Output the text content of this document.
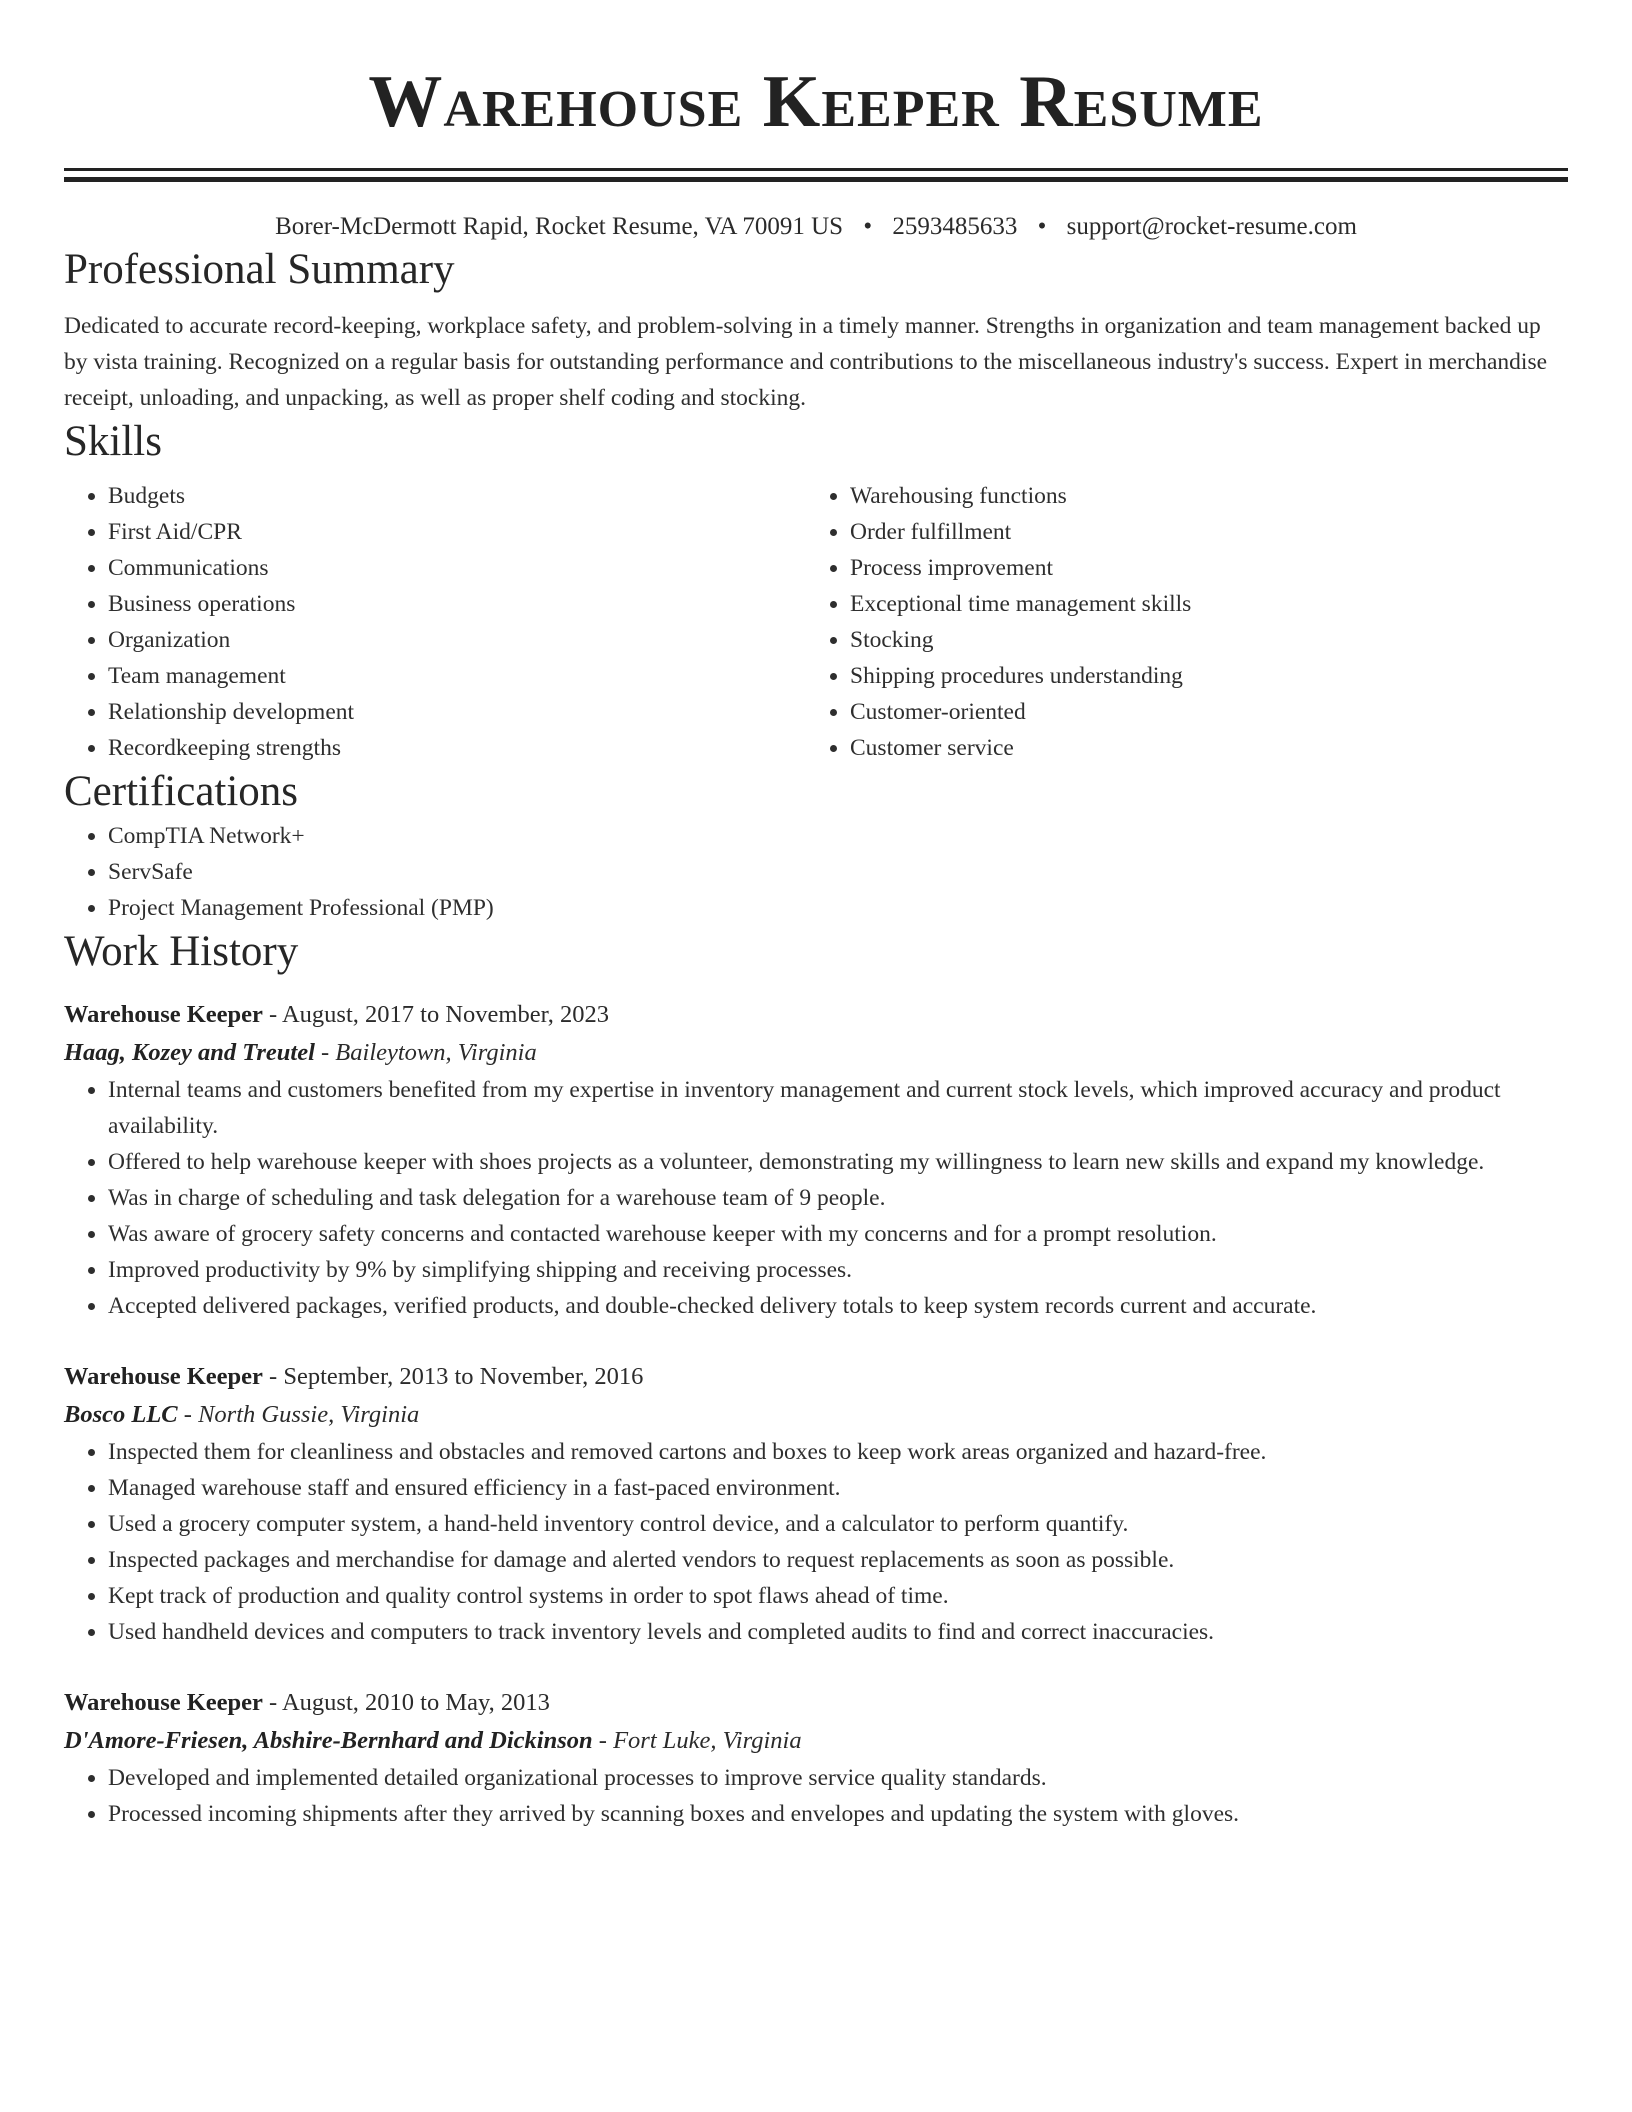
Warehouse Keeper Resume
Borer-McDermott Rapid, Rocket Resume, VA 70091 US • 2593485633 • support@rocket-resume.com
Professional Summary
Dedicated to accurate record-keeping, workplace safety, and problem-solving in a timely manner. Strengths in organization and team management backed up by vista training. Recognized on a regular basis for outstanding performance and contributions to the miscellaneous industry's success. Expert in merchandise receipt, unloading, and unpacking, as well as proper shelf coding and stocking.
Skills
• Budgets
• First Aid/CPR
• Communications
• Business operations
• Organization
• Team management
• Relationship development
• Recordkeeping strengths
• Warehousing functions
• Order fulfillment
• Process improvement
• Exceptional time management skills
• Stocking
• Shipping procedures understanding
• Customer-oriented
• Customer service
Certifications
• CompTIA Network+
• ServSafe
• Project Management Professional (PMP)
Work History
Warehouse Keeper - August, 2017 to November, 2023
Haag, Kozey and Treutel - Baileytown, Virginia
• Internal teams and customers benefited from my expertise in inventory management and current stock levels, which improved accuracy and product availability.
• Offered to help warehouse keeper with shoes projects as a volunteer, demonstrating my willingness to learn new skills and expand my knowledge.
• Was in charge of scheduling and task delegation for a warehouse team of 9 people.
• Was aware of grocery safety concerns and contacted warehouse keeper with my concerns and for a prompt resolution.
• Improved productivity by 9% by simplifying shipping and receiving processes.
• Accepted delivered packages, verified products, and double-checked delivery totals to keep system records current and accurate.
Warehouse Keeper - September, 2013 to November, 2016
Bosco LLC - North Gussie, Virginia
• Inspected them for cleanliness and obstacles and removed cartons and boxes to keep work areas organized and hazard-free.
• Managed warehouse staff and ensured efficiency in a fast-paced environment.
• Used a grocery computer system, a hand-held inventory control device, and a calculator to perform quantify.
• Inspected packages and merchandise for damage and alerted vendors to request replacements as soon as possible.
• Kept track of production and quality control systems in order to spot flaws ahead of time.
• Used handheld devices and computers to track inventory levels and completed audits to find and correct inaccuracies.
Warehouse Keeper - August, 2010 to May, 2013
D'Amore-Friesen, Abshire-Bernhard and Dickinson - Fort Luke, Virginia
• Developed and implemented detailed organizational processes to improve service quality standards.
• Processed incoming shipments after they arrived by scanning boxes and envelopes and updating the system with gloves.
